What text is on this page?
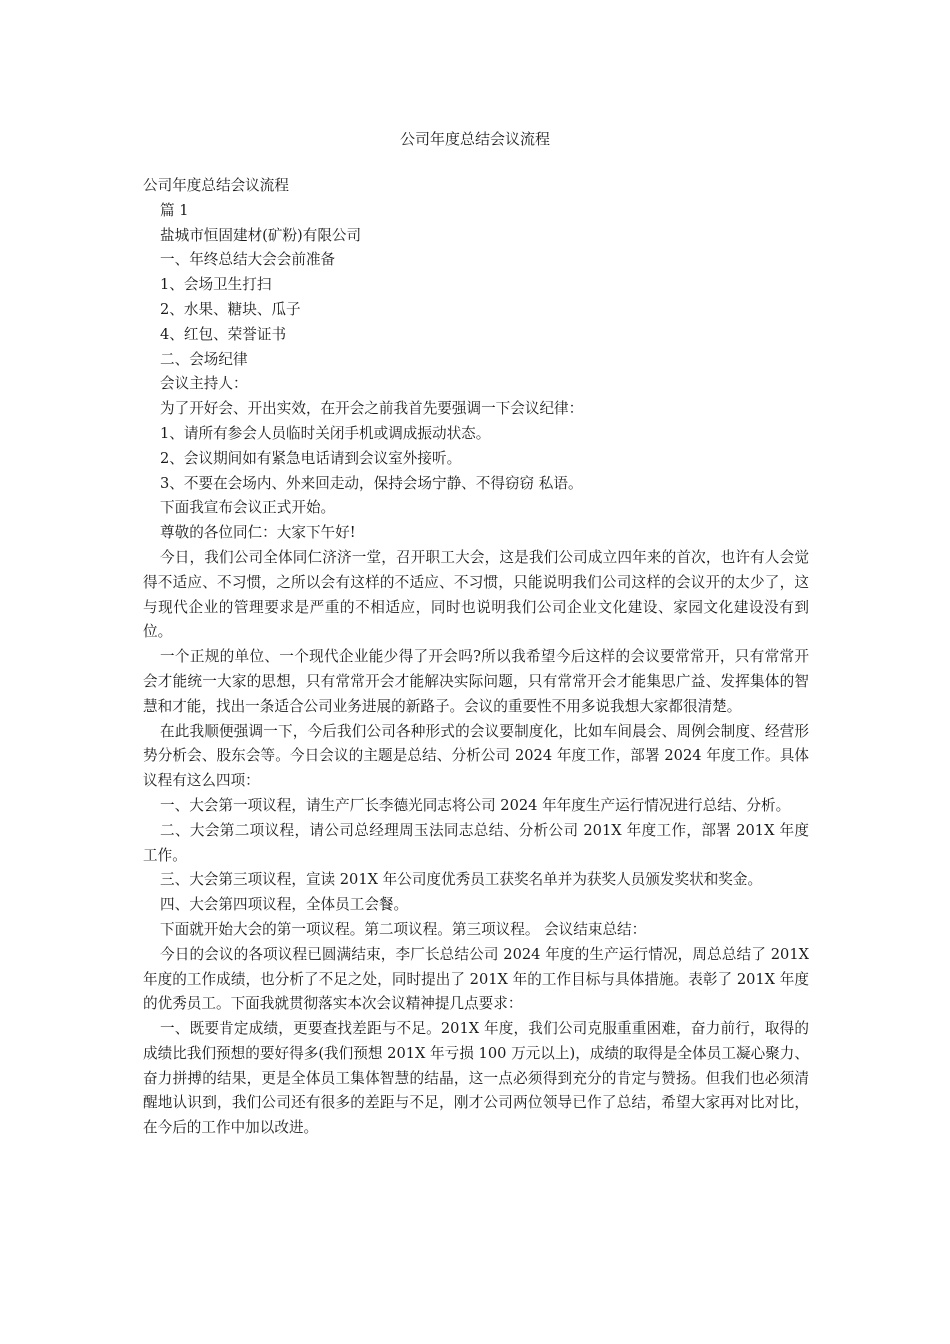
公司年度总结会议流程

公司年度总结会议流程

篇 1

盐城市恒固建材(矿粉)有限公司

一、年终总结大会会前准备

1、会场卫生打扫

2、水果、糖块、瓜子

4、红包、荣誉证书

二、会场纪律

会议主持人：

为了开好会、开出实效，在开会之前我首先要强调一下会议纪律：

1、请所有参会人员临时关闭手机或调成振动状态。

2、会议期间如有紧急电话请到会议室外接听。

3、不要在会场内、外来回走动，保持会场宁静、不得窃窃 私语。

下面我宣布会议正式开始。

尊敬的各位同仁：大家下午好!

今日，我们公司全体同仁济济一堂，召开职工大会，这是我们公司成立四年来的首次，也许有人会觉得不适应、不习惯，之所以会有这样的不适应、不习惯，只能说明我们公司这样的会议开的太少了，这与现代企业的管理要求是严重的不相适应，同时也说明我们公司企业文化建设、家园文化建设没有到位。

一个正规的单位、一个现代企业能少得了开会吗?所以我希望今后这样的会议要常常开，只有常常开会才能统一大家的思想，只有常常开会才能解决实际问题，只有常常开会才能集思广益、发挥集体的智慧和才能，找出一条适合公司业务进展的新路子。会议的重要性不用多说我想大家都很清楚。

在此我顺便强调一下，今后我们公司各种形式的会议要制度化，比如车间晨会、周例会制度、经营形势分析会、股东会等。今日会议的主题是总结、分析公司 2024 年度工作，部署 2024 年度工作。具体议程有这么四项：

一、大会第一项议程，请生产厂长李德光同志将公司 2024 年年度生产运行情况进行总结、分析。

二、大会第二项议程，请公司总经理周玉法同志总结、分析公司 201X 年度工作，部署 201X 年度工作。

三、大会第三项议程，宣读 201X 年公司度优秀员工获奖名单并为获奖人员颁发奖状和奖金。

四、大会第四项议程，全体员工会餐。

下面就开始大会的第一项议程。第二项议程。第三项议程。 会议结束总结：

今日的会议的各项议程已圆满结束，李厂长总结公司 2024 年度的生产运行情况，周总总结了 201X 年度的工作成绩，也分析了不足之处，同时提出了 201X 年的工作目标与具体措施。表彰了 201X 年度的优秀员工。下面我就贯彻落实本次会议精神提几点要求：

一、既要肯定成绩，更要查找差距与不足。201X 年度，我们公司克服重重困难，奋力前行，取得的成绩比我们预想的要好得多(我们预想 201X 年亏损 100 万元以上)，成绩的取得是全体员工凝心聚力、奋力拼搏的结果，更是全体员工集体智慧的结晶，这一点必须得到充分的肯定与赞扬。但我们也必须清醒地认识到，我们公司还有很多的差距与不足，刚才公司两位领导已作了总结，希望大家再对比对比，在今后的工作中加以改进。
